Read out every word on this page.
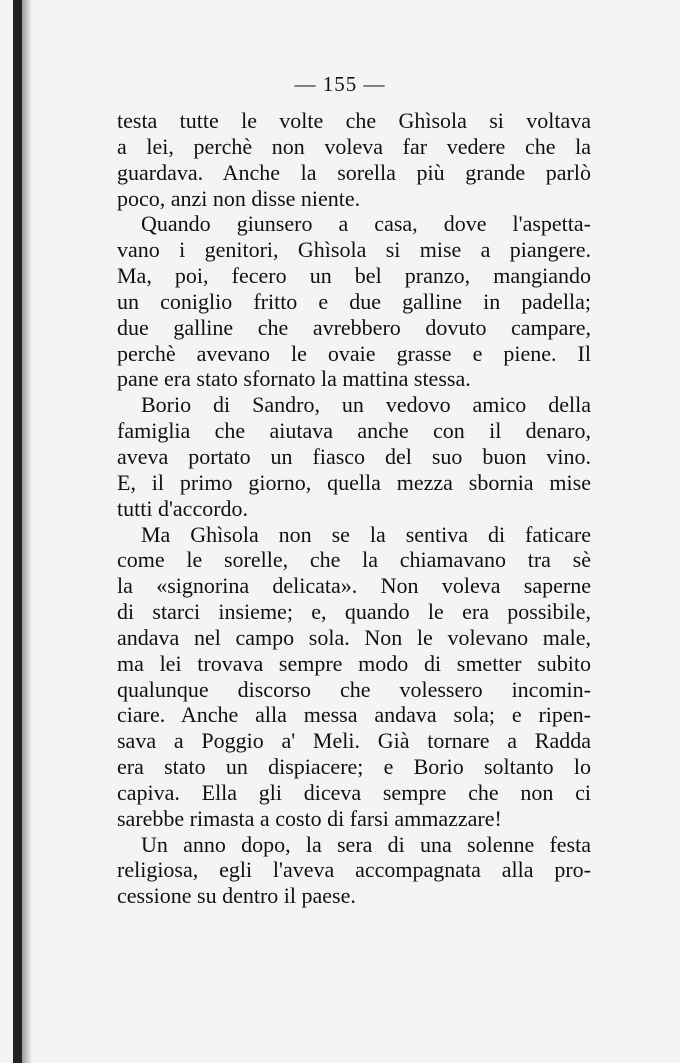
— 155 —
testa tutte le volte che Ghìsola si voltava
a lei, perchè non voleva far vedere che la
guardava. Anche la sorella più grande parlò
poco, anzi non disse niente.
Quando giunsero a casa, dove l'aspetta-
vano i genitori, Ghìsola si mise a piangere.
Ma, poi, fecero un bel pranzo, mangiando
un coniglio fritto e due galline in padella;
due galline che avrebbero dovuto campare,
perchè avevano le ovaie grasse e piene. Il
pane era stato sfornato la mattina stessa.
Borio di Sandro, un vedovo amico della
famiglia che aiutava anche con il denaro,
aveva portato un fiasco del suo buon vino.
E, il primo giorno, quella mezza sbornia mise
tutti d'accordo.
Ma Ghìsola non se la sentiva di faticare
come le sorelle, che la chiamavano tra sè
la «signorina delicata». Non voleva saperne
di starci insieme; e, quando le era possibile,
andava nel campo sola. Non le volevano male,
ma lei trovava sempre modo di smetter subito
qualunque discorso che volessero incomin-
ciare. Anche alla messa andava sola; e ripen-
sava a Poggio a' Meli. Già tornare a Radda
era stato un dispiacere; e Borio soltanto lo
capiva. Ella gli diceva sempre che non ci
sarebbe rimasta a costo di farsi ammazzare!
Un anno dopo, la sera di una solenne festa
religiosa, egli l'aveva accompagnata alla pro-
cessione su dentro il paese.
